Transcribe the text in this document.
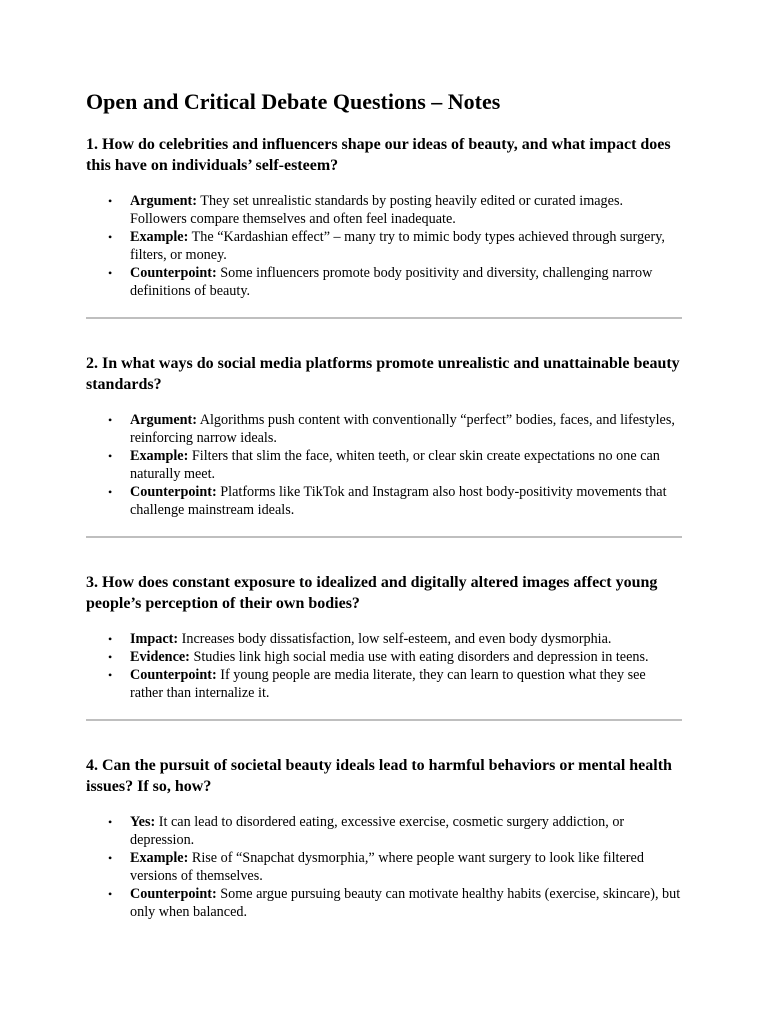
Open and Critical Debate Questions – Notes
1. How do celebrities and influencers shape our ideas of beauty, and what impact does this have on individuals’ self-esteem?
• Argument: They set unrealistic standards by posting heavily edited or curated images. Followers compare themselves and often feel inadequate.
• Example: The “Kardashian effect” – many try to mimic body types achieved through surgery, filters, or money.
• Counterpoint: Some influencers promote body positivity and diversity, challenging narrow definitions of beauty.
2. In what ways do social media platforms promote unrealistic and unattainable beauty standards?
• Argument: Algorithms push content with conventionally “perfect” bodies, faces, and lifestyles, reinforcing narrow ideals.
• Example: Filters that slim the face, whiten teeth, or clear skin create expectations no one can naturally meet.
• Counterpoint: Platforms like TikTok and Instagram also host body-positivity movements that challenge mainstream ideals.
3. How does constant exposure to idealized and digitally altered images affect young people’s perception of their own bodies?
• Impact: Increases body dissatisfaction, low self-esteem, and even body dysmorphia.
• Evidence: Studies link high social media use with eating disorders and depression in teens.
• Counterpoint: If young people are media literate, they can learn to question what they see rather than internalize it.
4. Can the pursuit of societal beauty ideals lead to harmful behaviors or mental health issues? If so, how?
• Yes: It can lead to disordered eating, excessive exercise, cosmetic surgery addiction, or depression.
• Example: Rise of “Snapchat dysmorphia,” where people want surgery to look like filtered versions of themselves.
• Counterpoint: Some argue pursuing beauty can motivate healthy habits (exercise, skincare), but only when balanced.
